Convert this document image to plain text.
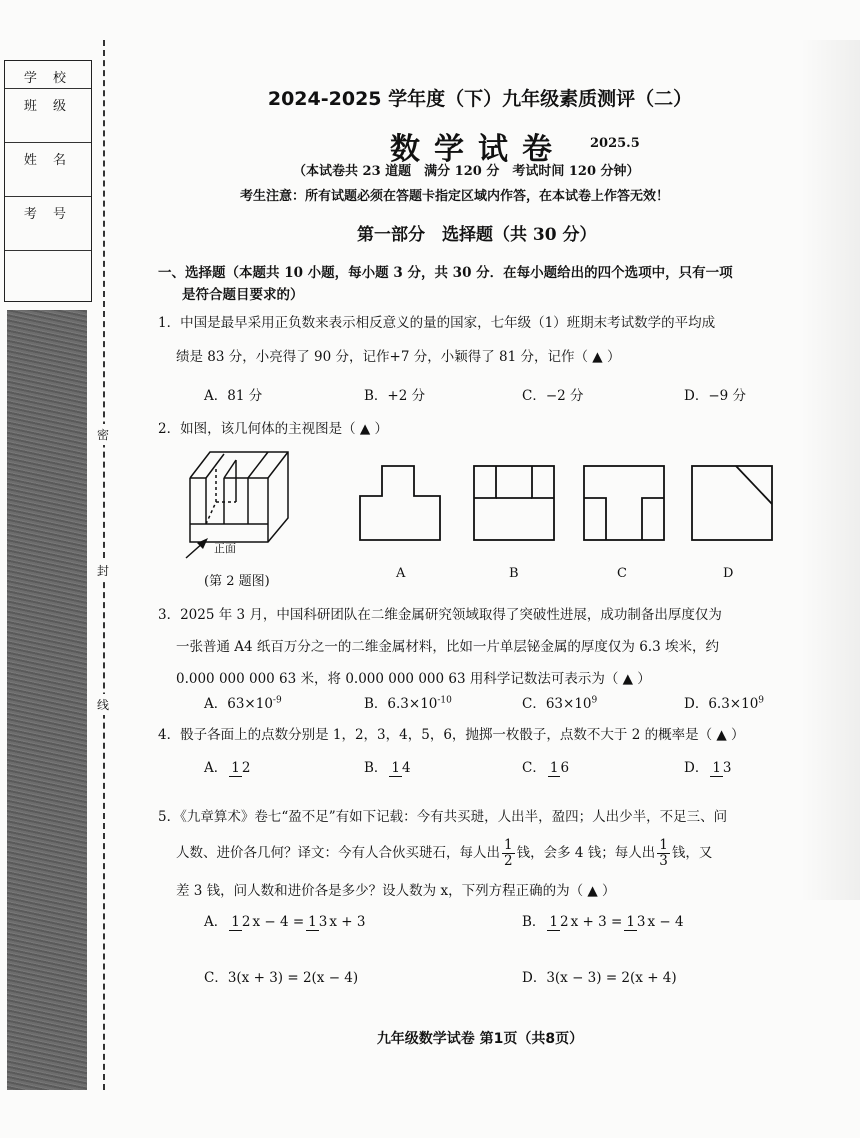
学 校
班 级
姓 名
考 号
密
封
线
2024-2025 学年度（下）九年级素质测评（二）
数学试卷 2025.5
（本试卷共 23 道题　满分 120 分　考试时间 120 分钟）
考生注意：所有试题必须在答题卡指定区域内作答，在本试卷上作答无效！
第一部分　选择题（共 30 分）
一、选择题（本题共 10 小题，每小题 3 分，共 30 分．在每小题给出的四个选项中，只有一项
是符合题目要求的）
1．中国是最早采用正负数来表示相反意义的量的国家，七年级（1）班期末考试数学的平均成
绩是 83 分，小亮得了 90 分，记作+7 分，小颖得了 81 分，记作（ ▲ ）
A．81 分	B．+2 分	C．−2 分	D．−9 分
2．如图，该几何体的主视图是（ ▲ ）
正面
(第 2 题图)
A	B	C	D
3．2025 年 3 月，中国科研团队在二维金属研究领域取得了突破性进展，成功制备出厚度仅为
一张普通 A4 纸百万分之一的二维金属材料，比如一片单层铋金属的厚度仅为 6.3 埃米，约
0.000 000 000 63 米，将 0.000 000 000 63 用科学记数法可表示为（ ▲ ）
A．$63\times 10^{-9}$	B．$6.3\times 10^{-10}$	C．$63\times 10^9$	D．$6.3\times 10^9$
4．骰子各面上的点数分别是 1，2，3，4，5，6，抛掷一枚骰子，点数不大于 2 的概率是（ ▲ ）
A． 1 2	B． 1 4	C． 1 6	D． 1 3
5．《九章算术》卷七“盈不足”有如下记载：今有共买琎，人出半，盈四；人出少半，不足三、问
人数、进价各几何？译文：今有人合伙买琎石，每人出 $\frac{1}{2}$ 钱，会多 4 钱；每人出 $\frac{1}{3}$ 钱，又
差 3 钱，问人数和进价各是多少？设人数为 x，下列方程正确的为（ ▲ ）
A． 1 2 x − 4 = 1 3 x + 3	B． 1 2 x + 3 = 1 3 x − 4
C．3(x + 3) = 2(x − 4)	D．3(x − 3) = 2(x + 4)
九年级数学试卷 第1页（共8页）
